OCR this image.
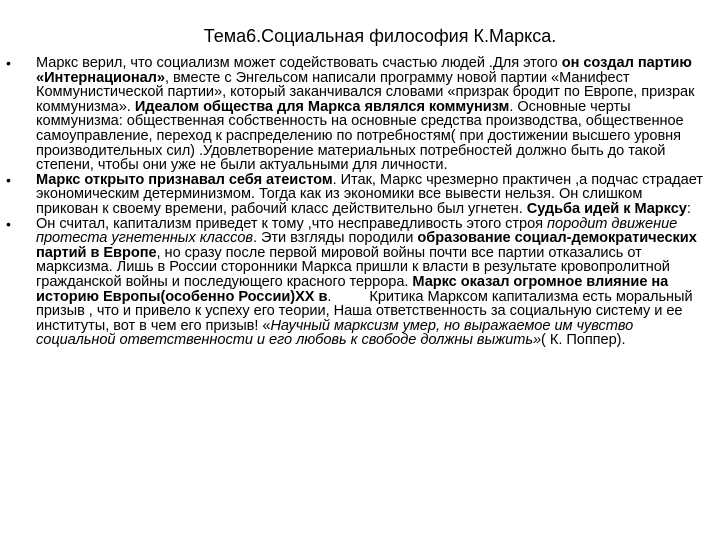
Тема6.Социальная философия К.Маркса.
•	Маркс верил, что социализм может содействовать счастью людей .Для этого он создал партию «Интернационал», вместе с Энгельсом написали программу новой партии «Манифест Коммунистической партии», который заканчивался словами «призрак бродит по Европе, призрак коммунизма». Идеалом общества для Маркса являлся коммунизм. Основные черты коммунизма: общественная собственность на основные средства производства, общественное самоуправление, переход к распределению по потребностям( при достижении высшего уровня производительных сил) .Удовлетворение материальных потребностей должно быть до такой степени, чтобы они уже не были актуальными для личности.
•	Маркс открыто признавал себя атеистом. Итак, Маркс чрезмерно практичен ,а подчас страдает экономическим детерминизмом. Тогда как из экономики все вывести нельзя. Он слишком прикован к своему времени, рабочий класс действительно был угнетен. Судьба идей к Марксу:
•	Он считал, капитализм приведет к тому ,что несправедливость этого строя породит движение протеста угнетенных классов. Эти взгляды породили образование социал-демократических партий в Европе, но сразу после первой мировой войны почти все партии отказались от марксизма. Лишь в России сторонники Маркса пришли к власти в результате кровопролитной гражданской войны и последующего красного террора. Маркс оказал огромное влияние на историю Европы(особенно России)ХХ в. Критика Марксом капитализма есть моральный призыв , что и привело к успеху его теории, Наша ответственность за социальную систему и ее институты, вот в чем его призыв! «Научный марксизм умер, но выражаемое им чувство социальной ответственности и его любовь к свободе должны выжить»( К. Поппер).
